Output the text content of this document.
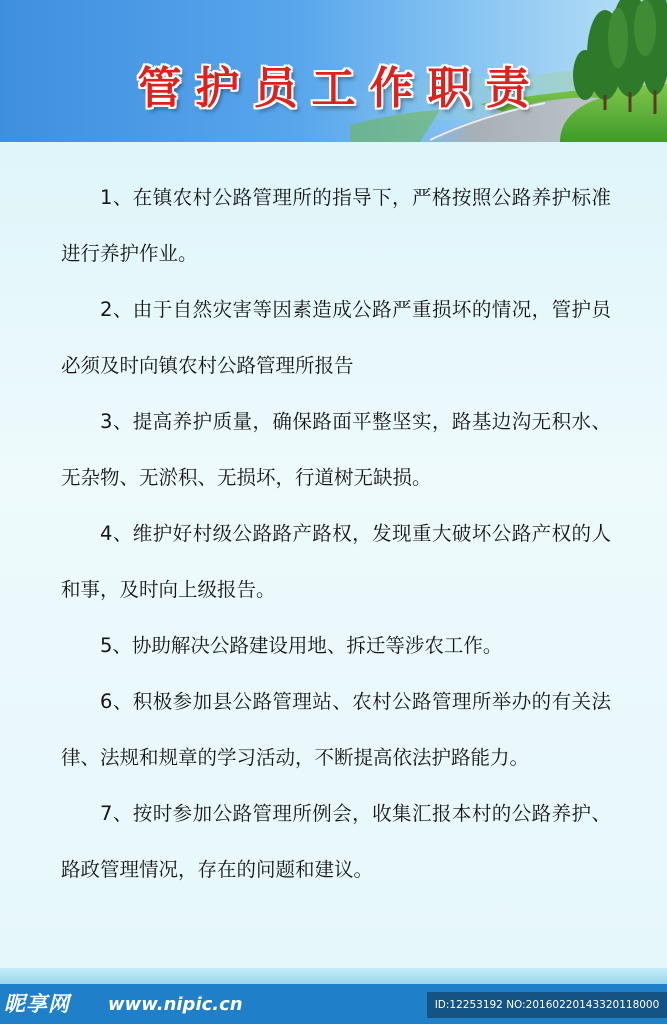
管护员工作职责

1、在镇农村公路管理所的指导下，严格按照公路养护标准进行养护作业。

2、由于自然灾害等因素造成公路严重损坏的情况，管护员必须及时向镇农村公路管理所报告

3、提高养护质量，确保路面平整坚实，路基边沟无积水、无杂物、无淤积、无损坏，行道树无缺损。

4、维护好村级公路路产路权，发现重大破坏公路产权的人和事，及时向上级报告。

5、协助解决公路建设用地、拆迁等涉农工作。

6、积极参加县公路管理站、农村公路管理所举办的有关法律、法规和规章的学习活动，不断提高依法护路能力。

7、按时参加公路管理所例会，收集汇报本村的公路养护、路政管理情况，存在的问题和建议。

昵享网 www.nipic.cn	ID:12253192 NO:20160220143320118000
